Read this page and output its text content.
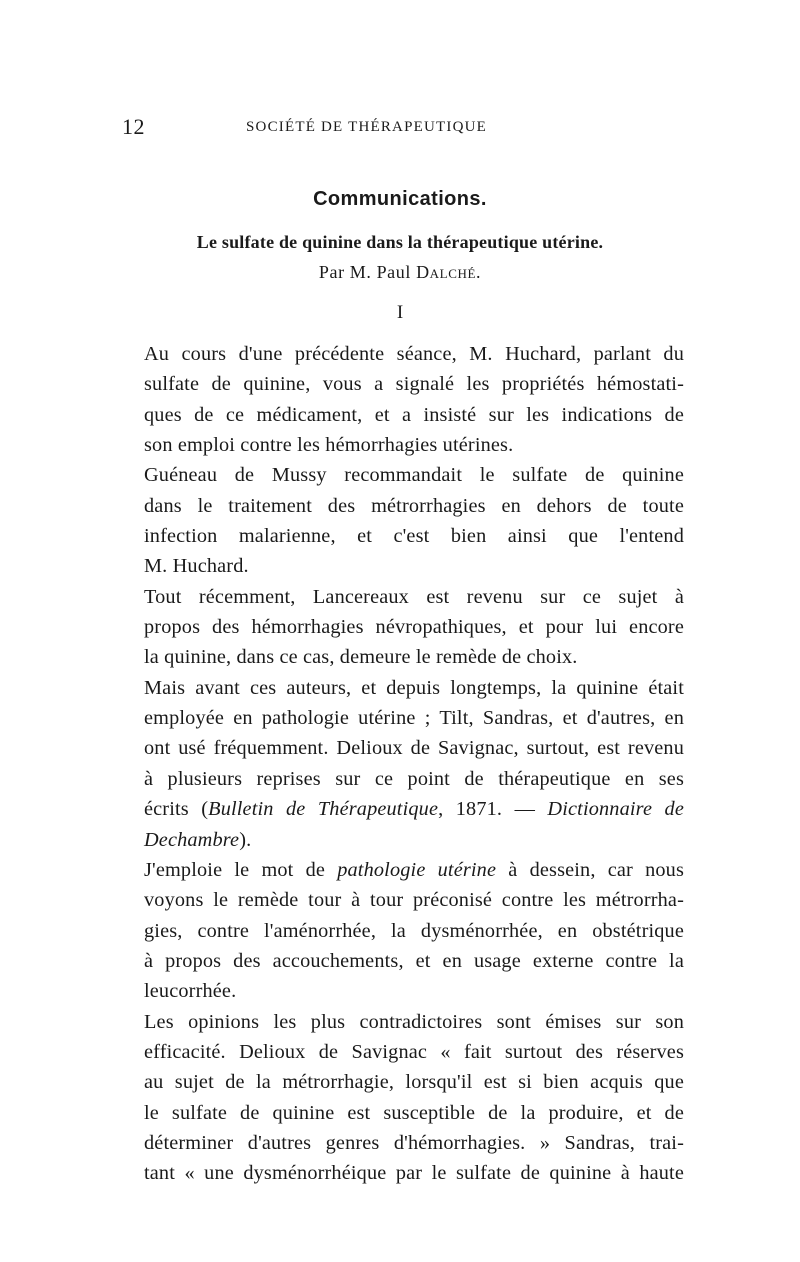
12	SOCIÉTÉ DE THÉRAPEUTIQUE
Communications.
Le sulfate de quinine dans la thérapeutique utérine.
Par M. Paul Dalché.
I

Au cours d'une précédente séance, M. Huchard, parlant du
sulfate de quinine, vous a signalé les propriétés hémostati-
ques de ce médicament, et a insisté sur les indications de
son emploi contre les hémorrhagies utérines.

Guéneau de Mussy recommandait le sulfate de quinine
dans le traitement des métrorrhagies en dehors de toute
infection malarienne, et c'est bien ainsi que l'entend
M. Huchard.

Tout récemment, Lancereaux est revenu sur ce sujet à
propos des hémorrhagies névropathiques, et pour lui encore
la quinine, dans ce cas, demeure le remède de choix.

Mais avant ces auteurs, et depuis longtemps, la quinine était
employée en pathologie utérine ; Tilt, Sandras, et d'autres, en
ont usé fréquemment. Delioux de Savignac, surtout, est revenu
à plusieurs reprises sur ce point de thérapeutique en ses
écrits (Bulletin de Thérapeutique, 1871. — Dictionnaire de
Dechambre).

J'emploie le mot de pathologie utérine à dessein, car nous
voyons le remède tour à tour préconisé contre les métrorrha-
gies, contre l'aménorrhée, la dysménorrhée, en obstétrique
à propos des accouchements, et en usage externe contre la
leucorrhée.

Les opinions les plus contradictoires sont émises sur son
efficacité. Delioux de Savignac « fait surtout des réserves
au sujet de la métrorrhagie, lorsqu'il est si bien acquis que
le sulfate de quinine est susceptible de la produire, et de
déterminer d'autres genres d'hémorrhagies. » Sandras, trai-
tant « une dysménorrhéique par le sulfate de quinine à haute
